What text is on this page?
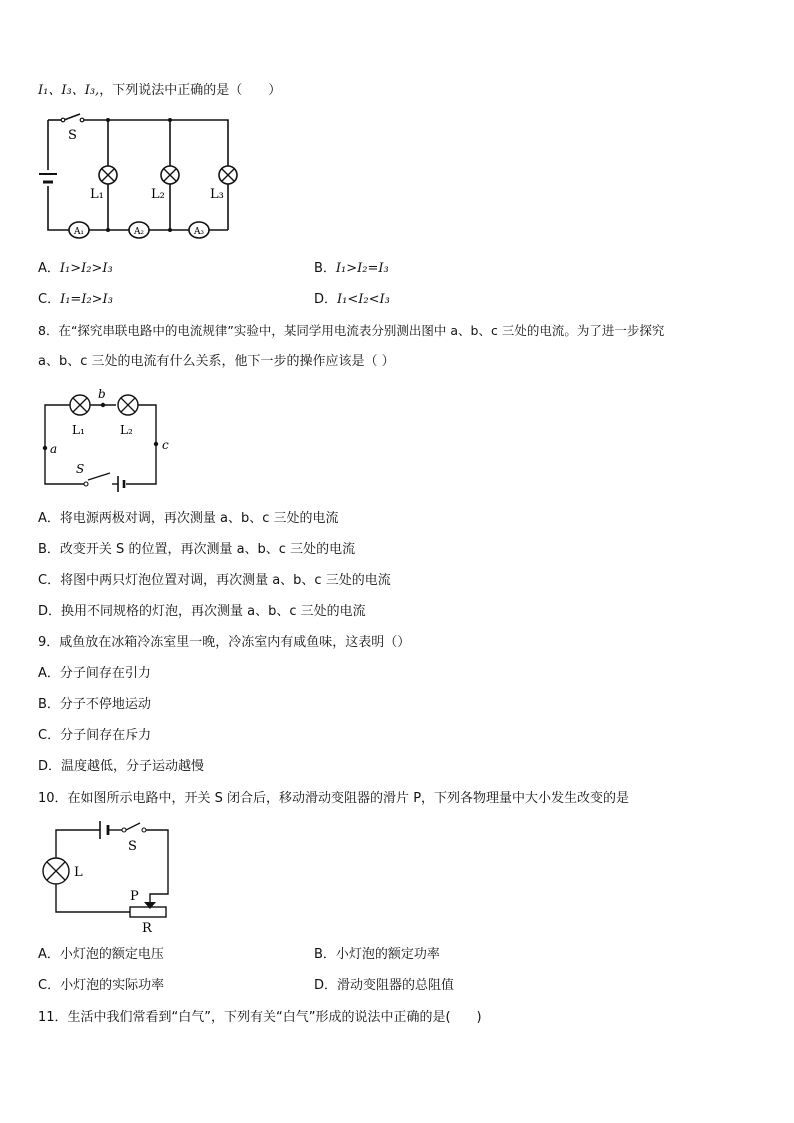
I₁、I₃、I₃,，下列说法中正确的是（　　）
S
L₁	L₂	L₃
A₁	A₂	A₃
A．I₁>I₂>I₃	B．I₁>I₂=I₃
C．I₁=I₂>I₃	D．I₁<I₂<I₃
8．在“探究串联电路中的电流规律”实验中，某同学用电流表分别测出图中 a、b、c 三处的电流。为了进一步探究
a、b、c 三处的电流有什么关系，他下一步的操作应该是（ ）
a
b
c
L₁	L₂
S
A．将电源两极对调，再次测量 a、b、c 三处的电流
B．改变开关 S 的位置，再次测量 a、b、c 三处的电流
C．将图中两只灯泡位置对调，再次测量 a、b、c 三处的电流
D．换用不同规格的灯泡，再次测量 a、b、c 三处的电流
9．咸鱼放在冰箱冷冻室里一晚，冷冻室内有咸鱼味，这表明（）
A．分子间存在引力
B．分子不停地运动
C．分子间存在斥力
D．温度越低，分子运动越慢
10．在如图所示电路中，开关 S 闭合后，移动滑动变阻器的滑片 P，下列各物理量中大小发生改变的是
L
S
P
R
A．小灯泡的额定电压	B．小灯泡的额定功率
C．小灯泡的实际功率	D．滑动变阻器的总阻值
11．生活中我们常看到“白气”，下列有关“白气”形成的说法中正确的是(　　)
